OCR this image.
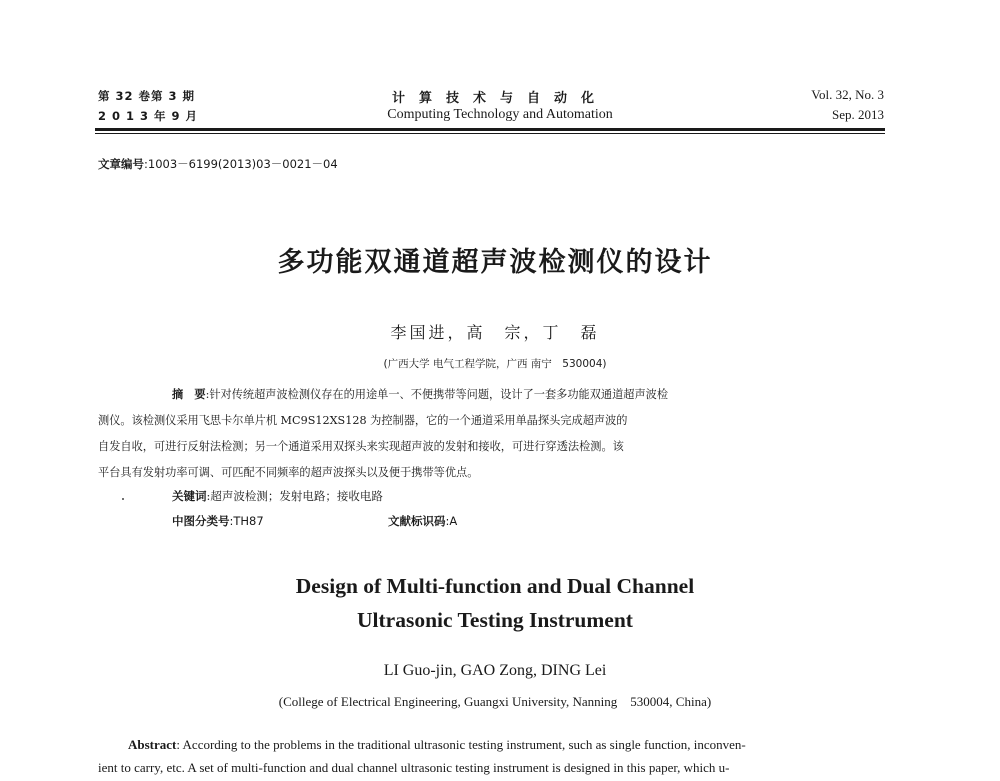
第 32 卷第 3 期
2 0 1 3 年 9 月
计算技术与自动化
Computing Technology and Automation
Vol. 32, No. 3
Sep. 2013
文章编号:1003－6199(2013)03－0021－04
多功能双通道超声波检测仪的设计
李国进，高　宗，丁　磊
(广西大学 电气工程学院，广西 南宁　530004)
摘　要:针对传统超声波检测仪存在的用途单一、不便携带等问题，设计了一套多功能双通道超声波检
测仪。该检测仪采用飞思卡尔单片机 MC9S12XS128 为控制器，它的一个通道采用单晶探头完成超声波的
自发自收，可进行反射法检测；另一个通道采用双探头来实现超声波的发射和接收，可进行穿透法检测。该
平台具有发射功率可调、可匹配不同频率的超声波探头以及便于携带等优点。
关键词:超声波检测；发射电路；接收电路
中图分类号:TH87	文献标识码:A
Design of Multi-function and Dual Channel
Ultrasonic Testing Instrument
LI Guo-jin, GAO Zong, DING Lei
(College of Electrical Engineering, Guangxi University, Nanning　530004, China)
Abstract: According to the problems in the traditional ultrasonic testing instrument, such as single function, inconven-
ient to carry, etc. A set of multi-function and dual channel ultrasonic testing instrument is designed in this paper, which u-
